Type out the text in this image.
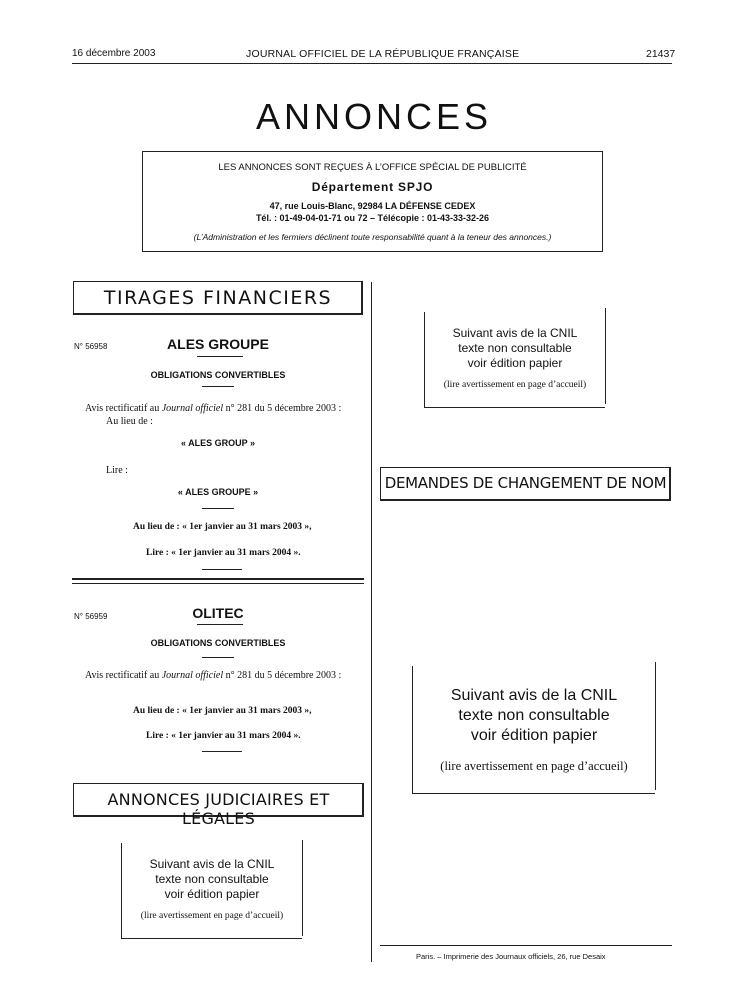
16 décembre 2003	JOURNAL OFFICIEL DE LA RÉPUBLIQUE FRANÇAISE	21437
ANNONCES
LES ANNONCES SONT REÇUES À L’OFFICE SPÉCIAL DE PUBLICITÉ
Département SPJO
47, rue Louis-Blanc, 92984 LA DÉFENSE CEDEX
Tél. : 01-49-04-01-71 ou 72 – Télécopie : 01-43-33-32-26
(L’Administration et les fermiers déclinent toute responsabilité quant à la teneur des annonces.)
TIRAGES FINANCIERS
N° 56958	ALES GROUPE
OBLIGATIONS CONVERTIBLES
Avis rectificatif au Journal officiel n° 281 du 5 décembre 2003 :
Au lieu de :
« ALES GROUP »
Lire :
« ALES GROUPE »
Au lieu de : « 1er janvier au 31 mars 2003 »,
Lire : « 1er janvier au 31 mars 2004 ».
N° 56959	OLITEC
OBLIGATIONS CONVERTIBLES
Avis rectificatif au Journal officiel n° 281 du 5 décembre 2003 :
Au lieu de : « 1er janvier au 31 mars 2003 »,
Lire : « 1er janvier au 31 mars 2004 ».
ANNONCES JUDICIAIRES ET LÉGALES
Suivant avis de la CNIL
texte non consultable
voir édition papier
(lire avertissement en page d’accueil)
Suivant avis de la CNIL
texte non consultable
voir édition papier
(lire avertissement en page d’accueil)
DEMANDES DE CHANGEMENT DE NOM
Suivant avis de la CNIL
texte non consultable
voir édition papier
(lire avertissement en page d’accueil)
Paris. – Imprimerie des Journaux officiels, 26, rue Desaix
